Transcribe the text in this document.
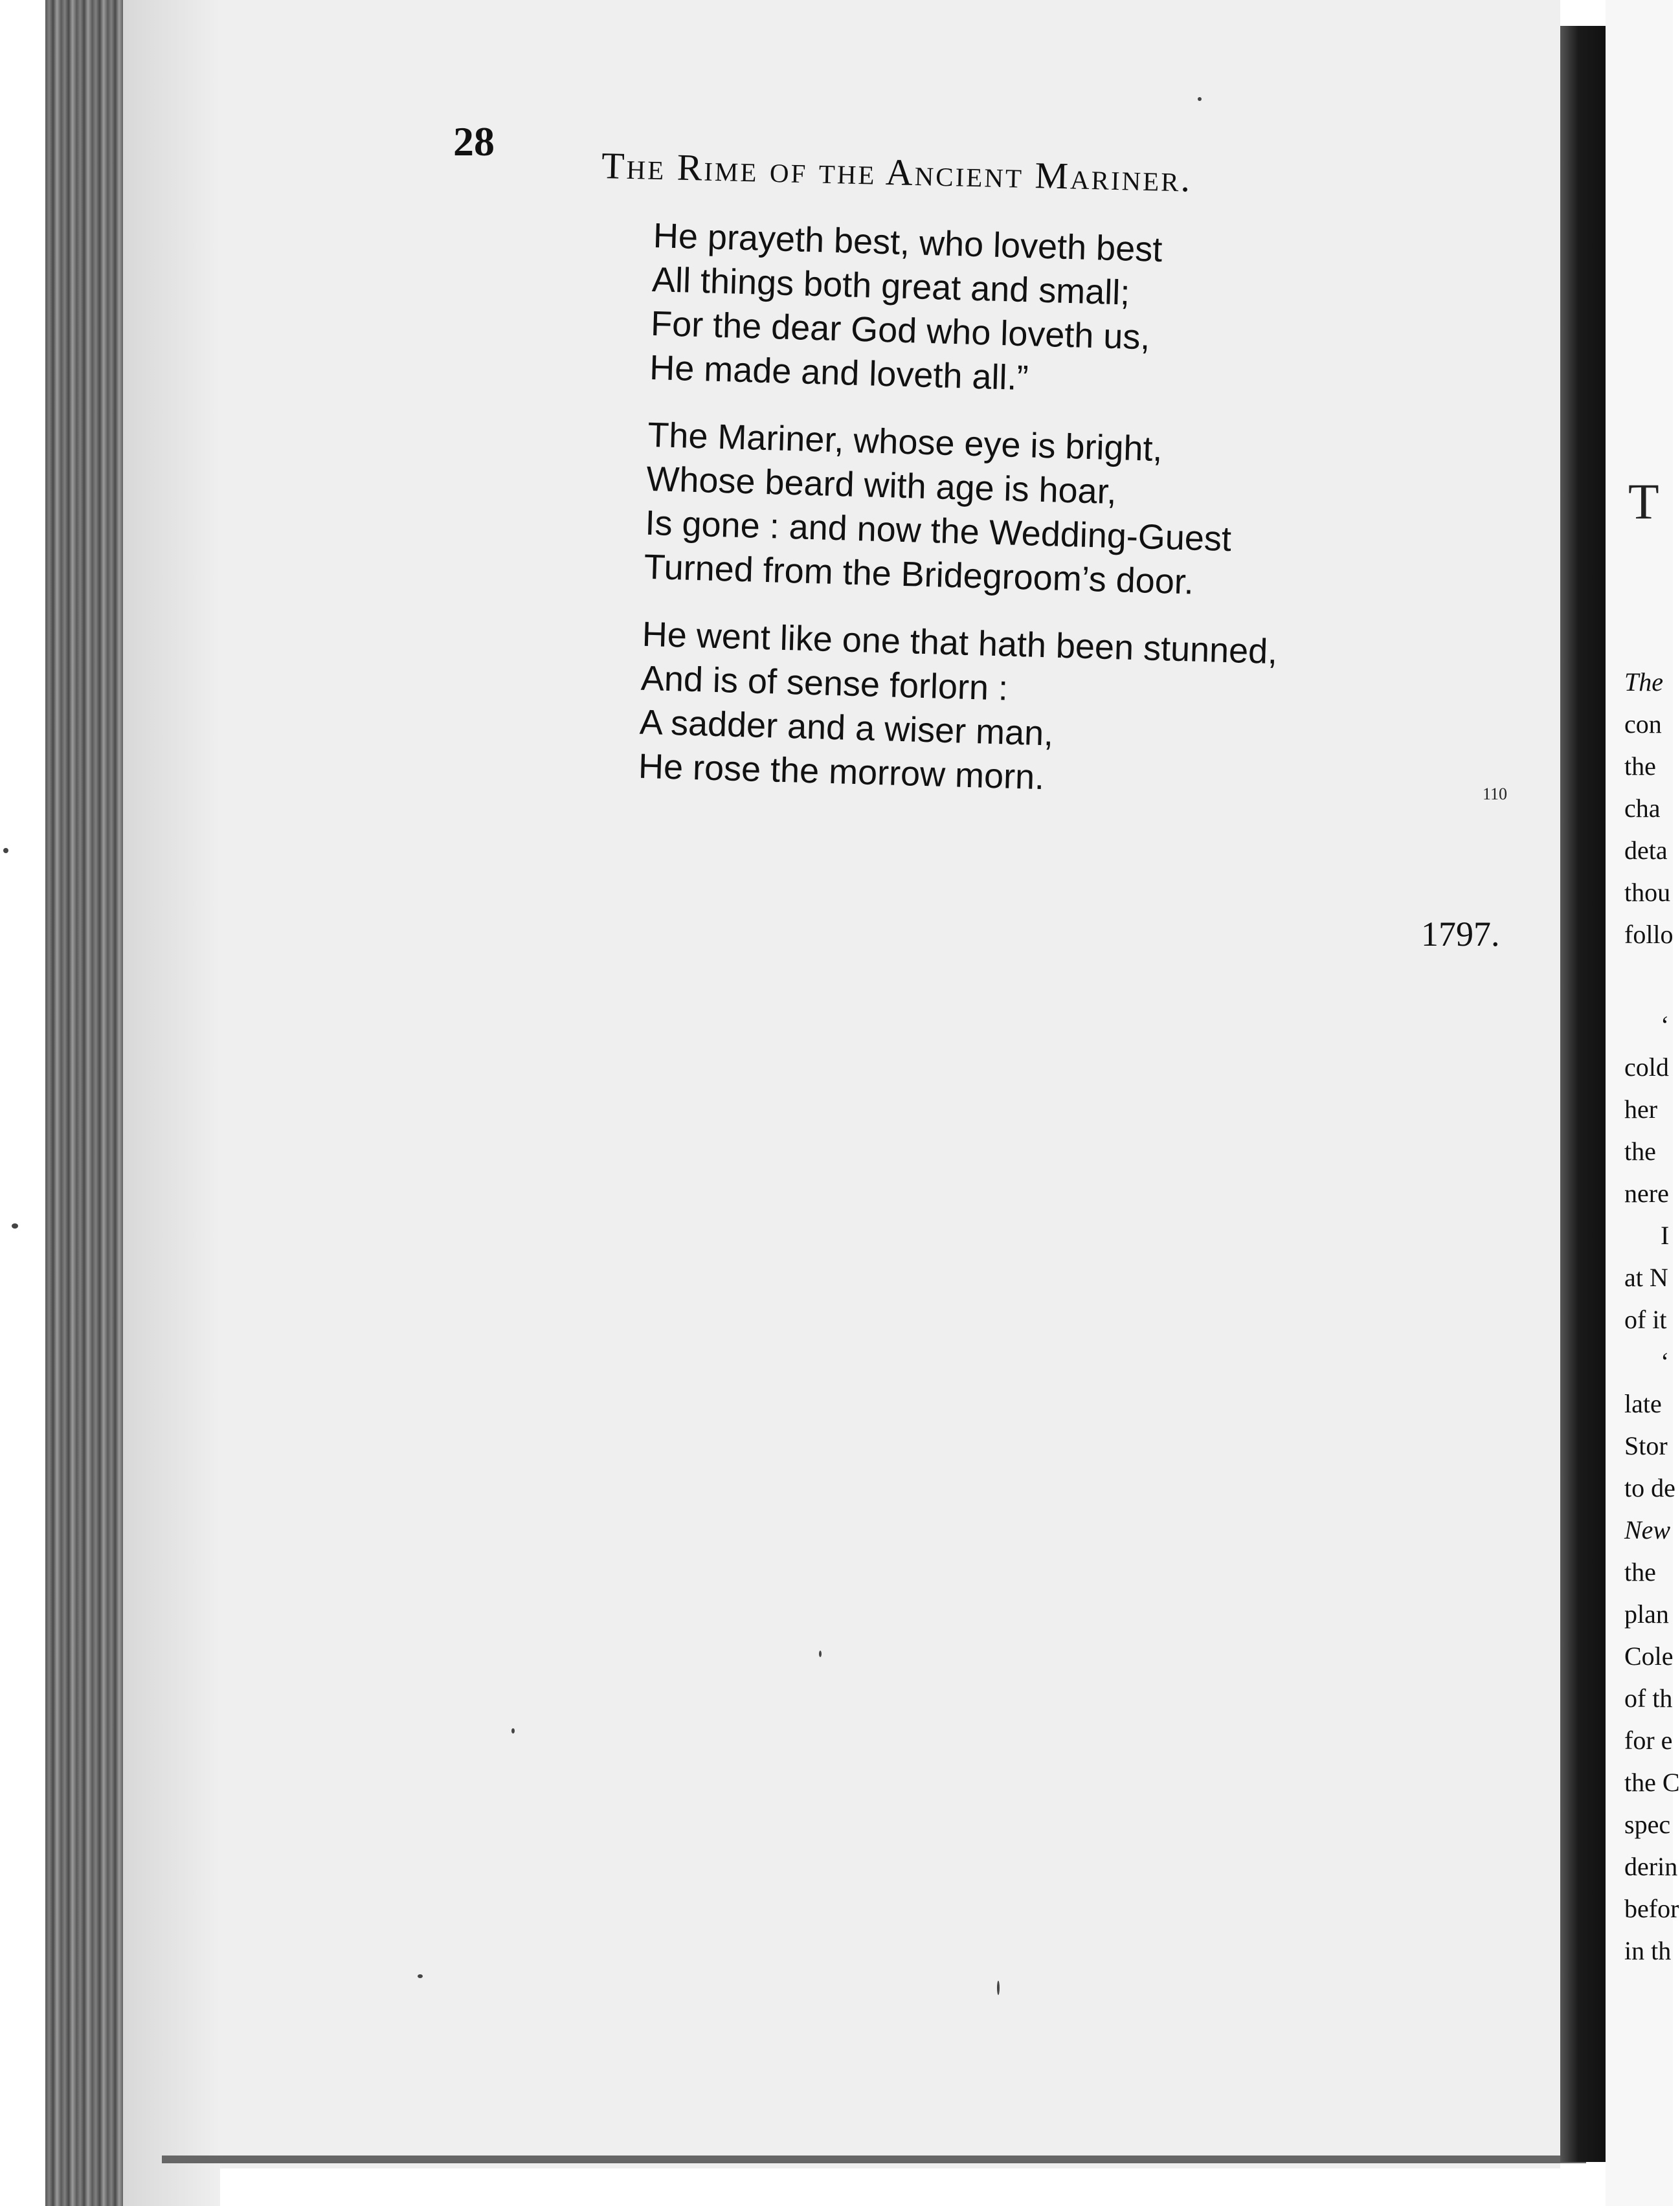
28
The Rime of the Ancient Mariner.
He prayeth best, who loveth best
All things both great and small;
For the dear God who loveth us,
He made and loveth all.”
The Mariner, whose eye is bright,
Whose beard with age is hoar,
Is gone : and now the Wedding-Guest
Turned from the Bridegroom’s door.
He went like one that hath been stunned,
And is of sense forlorn :
A sadder and a wiser man,
He rose the morrow morn.	110
1797.
T
The
con
the
cha
deta
thou
follo
‘
cold
her
the
nere
I
at N
of it
‘
late
Stor
to de
New
the
plan
Cole
of th
for e
the C
spec
derin
befor
in th
